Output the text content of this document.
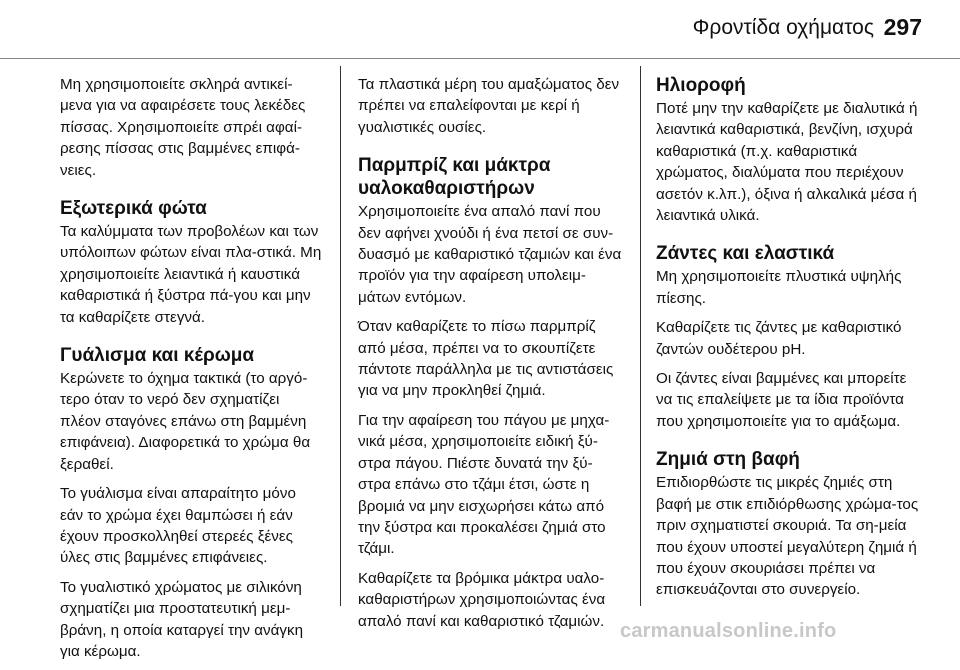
Φροντίδα οχήματος 297

Μη χρησιμοποιείτε σκληρά αντικεί-μενα για να αφαιρέσετε τους λεκέδες πίσσας. Χρησιμοποιείτε σπρέι αφαί-ρεσης πίσσας στις βαμμένες επιφά-νειες.

Εξωτερικά φώτα

Τα καλύμματα των προβολέων και των υπόλοιπων φώτων είναι πλα-στικά. Μη χρησιμοποιείτε λειαντικά ή καυστικά καθαριστικά ή ξύστρα πά-γου και μην τα καθαρίζετε στεγνά.

Γυάλισμα και κέρωμα

Κερώνετε το όχημα τακτικά (το αργό-τερο όταν το νερό δεν σχηματίζει πλέον σταγόνες επάνω στη βαμμένη επιφάνεια). Διαφορετικά το χρώμα θα ξεραθεί.

Το γυάλισμα είναι απαραίτητο μόνο εάν το χρώμα έχει θαμπώσει ή εάν έχουν προσκολληθεί στερεές ξένες ύλες στις βαμμένες επιφάνειες.

Το γυαλιστικό χρώματος με σιλικόνη σχηματίζει μια προστατευτική μεμ-βράνη, η οποία καταργεί την ανάγκη για κέρωμα.

Τα πλαστικά μέρη του αμαξώματος δεν πρέπει να επαλείφονται με κερί ή γυαλιστικές ουσίες.

Παρμπρίζ και μάκτρα υαλοκαθαριστήρων

Χρησιμοποιείτε ένα απαλό πανί που δεν αφήνει χνούδι ή ένα πετσί σε συν-δυασμό με καθαριστικό τζαμιών και ένα προϊόν για την αφαίρεση υπολειμ-μάτων εντόμων.

Όταν καθαρίζετε το πίσω παρμπρίζ από μέσα, πρέπει να το σκουπίζετε πάντοτε παράλληλα με τις αντιστάσεις για να μην προκληθεί ζημιά.

Για την αφαίρεση του πάγου με μηχα-νικά μέσα, χρησιμοποιείτε ειδική ξύ-στρα πάγου. Πιέστε δυνατά την ξύ-στρα επάνω στο τζάμι έτσι, ώστε η βρομιά να μην εισχωρήσει κάτω από την ξύστρα και προκαλέσει ζημιά στο τζάμι.

Καθαρίζετε τα βρόμικα μάκτρα υαλο-καθαριστήρων χρησιμοποιώντας ένα απαλό πανί και καθαριστικό τζαμιών.

Ηλιοροφή

Ποτέ μην την καθαρίζετε με διαλυτικά ή λειαντικά καθαριστικά, βενζίνη, ισχυρά καθαριστικά (π.χ. καθαριστικά χρώματος, διαλύματα που περιέχουν ασετόν κ.λπ.), όξινα ή αλκαλικά μέσα ή λειαντικά υλικά.

Ζάντες και ελαστικά

Μη χρησιμοποιείτε πλυστικά υψηλής πίεσης.

Καθαρίζετε τις ζάντες με καθαριστικό ζαντών ουδέτερου pH.

Οι ζάντες είναι βαμμένες και μπορείτε να τις επαλείψετε με τα ίδια προϊόντα που χρησιμοποιείτε για το αμάξωμα.

Ζημιά στη βαφή

Επιδιορθώστε τις μικρές ζημιές στη βαφή με στικ επιδιόρθωσης χρώμα-τος πριν σχηματιστεί σκουριά. Τα ση-μεία που έχουν υποστεί μεγαλύτερη ζημιά ή που έχουν σκουριάσει πρέπει να επισκευάζονται στο συνεργείο.

carmanualsonline.info
